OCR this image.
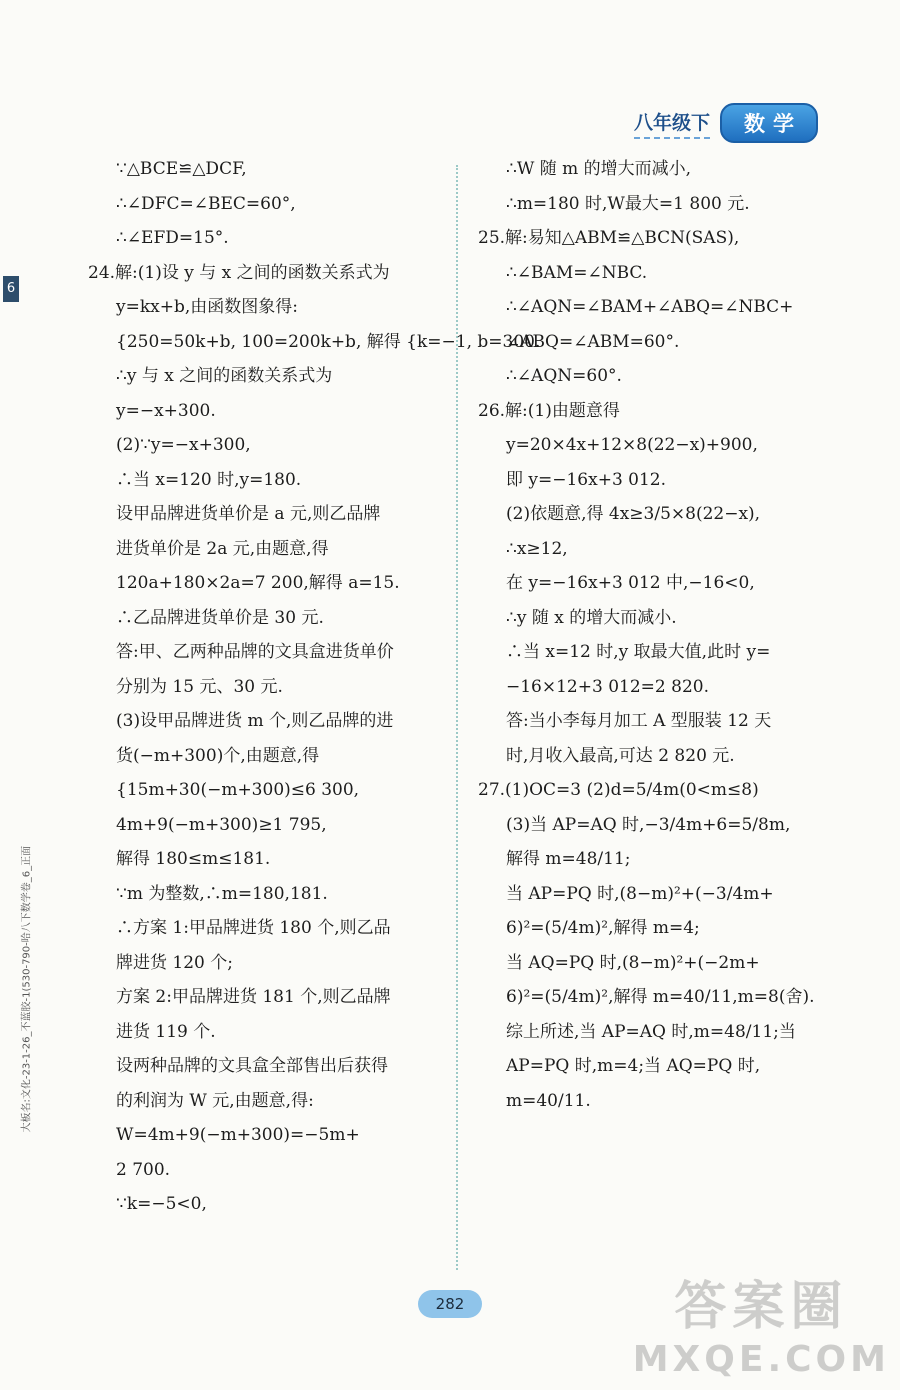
八年级下	数学
6
大板名:文化-23-1-26_不蓝胶-1(530-790-哈八下数学卷_6_正面
∵△BCE≌△DCF,
∴∠DFC=∠BEC=60°,
∴∠EFD=15°.
24.解:(1)设 y 与 x 之间的函数关系式为
y=kx+b,由函数图象得:
{250=50k+b, 100=200k+b, 解得 {k=−1, b=300.
∴y 与 x 之间的函数关系式为
y=−x+300.
(2)∵y=−x+300,
∴当 x=120 时,y=180.
设甲品牌进货单价是 a 元,则乙品牌
进货单价是 2a 元,由题意,得
120a+180×2a=7 200,解得 a=15.
∴乙品牌进货单价是 30 元.
答:甲、乙两种品牌的文具盒进货单价
分别为 15 元、30 元.
(3)设甲品牌进货 m 个,则乙品牌的进
货(−m+300)个,由题意,得
{15m+30(−m+300)≤6 300,
4m+9(−m+300)≥1 795,
解得 180≤m≤181.
∵m 为整数,∴m=180,181.
∴方案 1:甲品牌进货 180 个,则乙品
牌进货 120 个;
方案 2:甲品牌进货 181 个,则乙品牌
进货 119 个.
设两种品牌的文具盒全部售出后获得
的利润为 W 元,由题意,得:
W=4m+9(−m+300)=−5m+
2 700.
∵k=−5<0,
∴W 随 m 的增大而减小,
∴m=180 时,W最大=1 800 元.
25.解:易知△ABM≌△BCN(SAS),
∴∠BAM=∠NBC.
∴∠AQN=∠BAM+∠ABQ=∠NBC+
∠ABQ=∠ABM=60°.
∴∠AQN=60°.
26.解:(1)由题意得
y=20×4x+12×8(22−x)+900,
即 y=−16x+3 012.
(2)依题意,得 4x≥3/5×8(22−x),
∴x≥12,
在 y=−16x+3 012 中,−16<0,
∴y 随 x 的增大而减小.
∴当 x=12 时,y 取最大值,此时 y=
−16×12+3 012=2 820.
答:当小李每月加工 A 型服装 12 天
时,月收入最高,可达 2 820 元.
27.(1)OC=3 (2)d=5/4m(0<m≤8)
(3)当 AP=AQ 时,−3/4m+6=5/8m,
解得 m=48/11;
当 AP=PQ 时,(8−m)²+(−3/4m+
6)²=(5/4m)²,解得 m=4;
当 AQ=PQ 时,(8−m)²+(−2m+
6)²=(5/4m)²,解得 m=40/11,m=8(舍).
综上所述,当 AP=AQ 时,m=48/11;当
AP=PQ 时,m=4;当 AQ=PQ 时,
m=40/11.
282	答案圈
MXQE.COM
